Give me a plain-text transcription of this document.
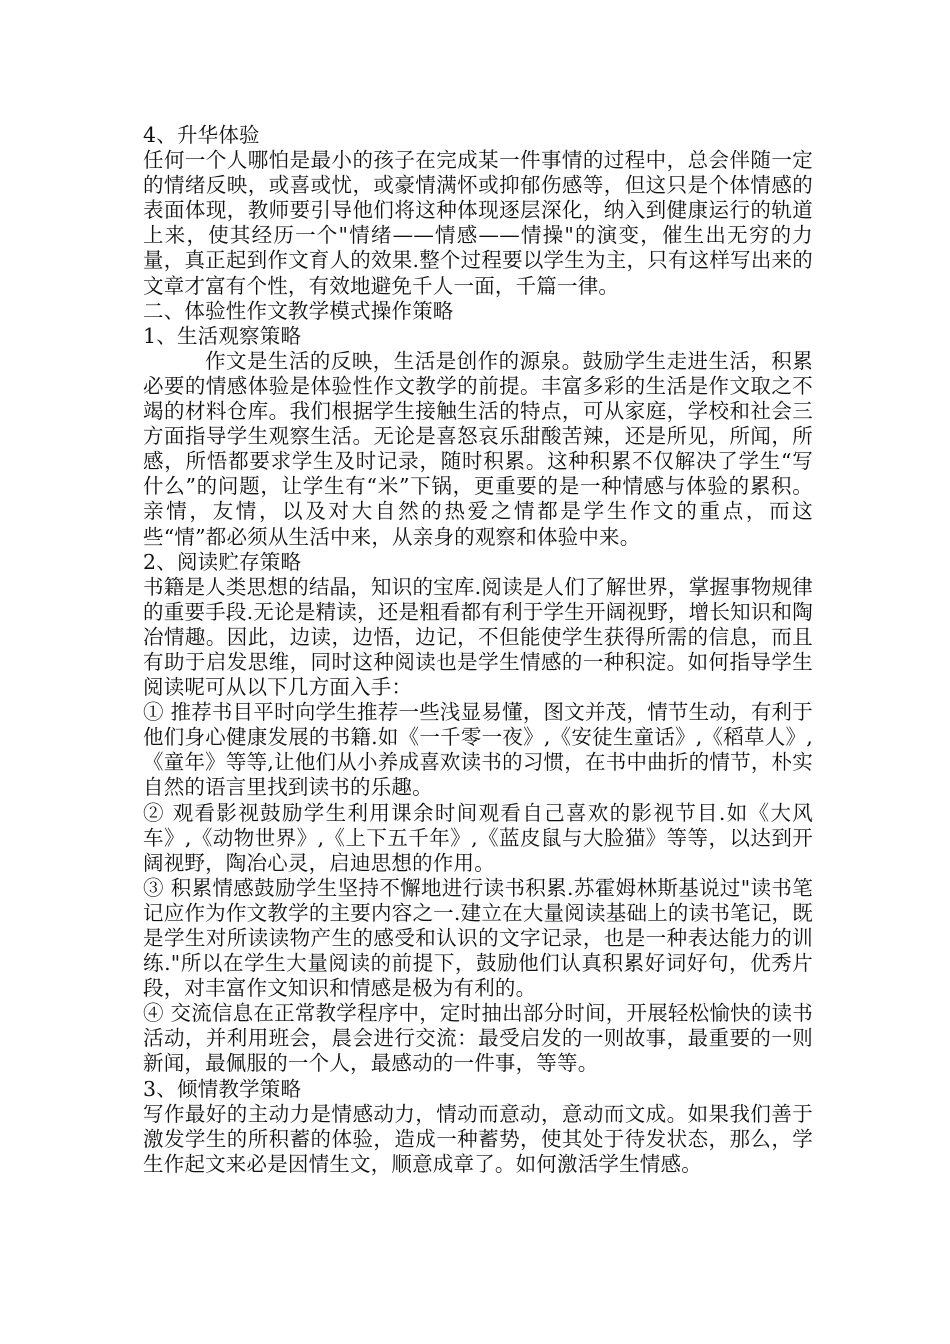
4、升华体验

任何一个人哪怕是最小的孩子在完成某一件事情的过程中，总会伴随一定的情绪反映，或喜或忧，或豪情满怀或抑郁伤感等，但这只是个体情感的表面体现，教师要引导他们将这种体现逐层深化，纳入到健康运行的轨道上来，使其经历一个"情绪——情感——情操"的演变，催生出无穷的力量，真正起到作文育人的效果.整个过程要以学生为主，只有这样写出来的文章才富有个性，有效地避免千人一面，千篇一律。

二、体验性作文教学模式操作策略

1、生活观察策略

作文是生活的反映，生活是创作的源泉。鼓励学生走进生活，积累必要的情感体验是体验性作文教学的前提。丰富多彩的生活是作文取之不竭的材料仓库。我们根据学生接触生活的特点，可从家庭，学校和社会三方面指导学生观察生活。无论是喜怒哀乐甜酸苦辣，还是所见，所闻，所感，所悟都要求学生及时记录，随时积累。这种积累不仅解决了学生“写什么”的问题，让学生有“米”下锅，更重要的是一种情感与体验的累积。亲情，友情，以及对大自然的热爱之情都是学生作文的重点，而这些“情”都必须从生活中来，从亲身的观察和体验中来。

2、阅读贮存策略

书籍是人类思想的结晶，知识的宝库.阅读是人们了解世界，掌握事物规律的重要手段.无论是精读，还是粗看都有利于学生开阔视野，增长知识和陶冶情趣。因此，边读，边悟，边记，不但能使学生获得所需的信息，而且有助于启发思维，同时这种阅读也是学生情感的一种积淀。如何指导学生阅读呢可从以下几方面入手：

① 推荐书目平时向学生推荐一些浅显易懂，图文并茂，情节生动，有利于他们身心健康发展的书籍.如《一千零一夜》,《安徒生童话》,《稻草人》,《童年》等等,让他们从小养成喜欢读书的习惯，在书中曲折的情节，朴实自然的语言里找到读书的乐趣。

② 观看影视鼓励学生利用课余时间观看自己喜欢的影视节目.如《大风车》,《动物世界》,《上下五千年》,《蓝皮鼠与大脸猫》等等，以达到开阔视野，陶冶心灵，启迪思想的作用。

③ 积累情感鼓励学生坚持不懈地进行读书积累.苏霍姆林斯基说过"读书笔记应作为作文教学的主要内容之一.建立在大量阅读基础上的读书笔记，既是学生对所读读物产生的感受和认识的文字记录，也是一种表达能力的训练."所以在学生大量阅读的前提下，鼓励他们认真积累好词好句，优秀片段，对丰富作文知识和情感是极为有利的。

④ 交流信息在正常教学程序中，定时抽出部分时间，开展轻松愉快的读书活动，并利用班会，晨会进行交流：最受启发的一则故事，最重要的一则新闻，最佩服的一个人，最感动的一件事，等等。

3、倾情教学策略

写作最好的主动力是情感动力，情动而意动，意动而文成。如果我们善于激发学生的所积蓄的体验，造成一种蓄势，使其处于待发状态，那么，学生作起文来必是因情生文，顺意成章了。如何激活学生情感。
